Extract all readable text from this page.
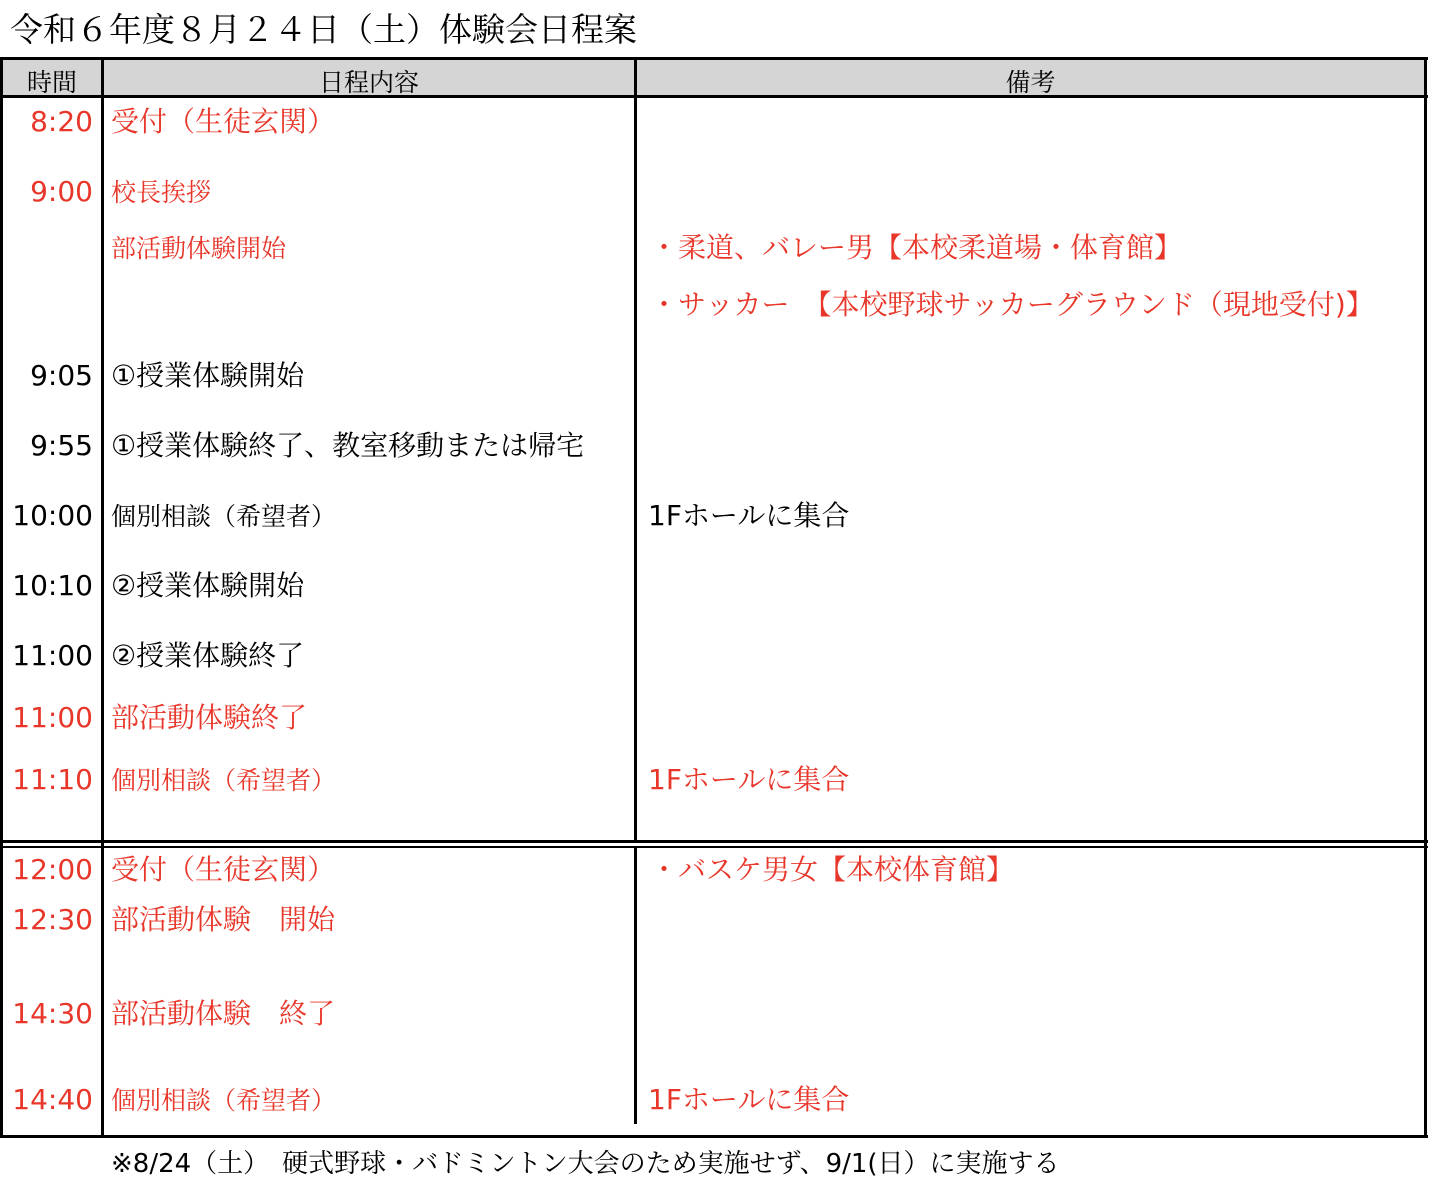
令和６年度８月２４日（土）体験会日程案
時間	日程内容	備考
8:20 受付（生徒玄関）
9:00 校長挨拶
部活動体験開始	・柔道、バレー男【本校柔道場・体育館】
・サッカー　【本校野球サッカーグラウンド（現地受付)】
9:05 ①授業体験開始
9:55 ①授業体験終了、教室移動または帰宅
10:00 個別相談（希望者）	1Fホールに集合
10:10 ②授業体験開始
11:00 ②授業体験終了
11:00 部活動体験終了
11:10 個別相談（希望者）	1Fホールに集合
12:00 受付（生徒玄関）	・バスケ男女【本校体育館】
12:30 部活動体験　開始
14:30 部活動体験　終了
14:40 個別相談（希望者）	1Fホールに集合
※8/24（土）　硬式野球・バドミントン大会のため実施せず、9/1(日）に実施する
